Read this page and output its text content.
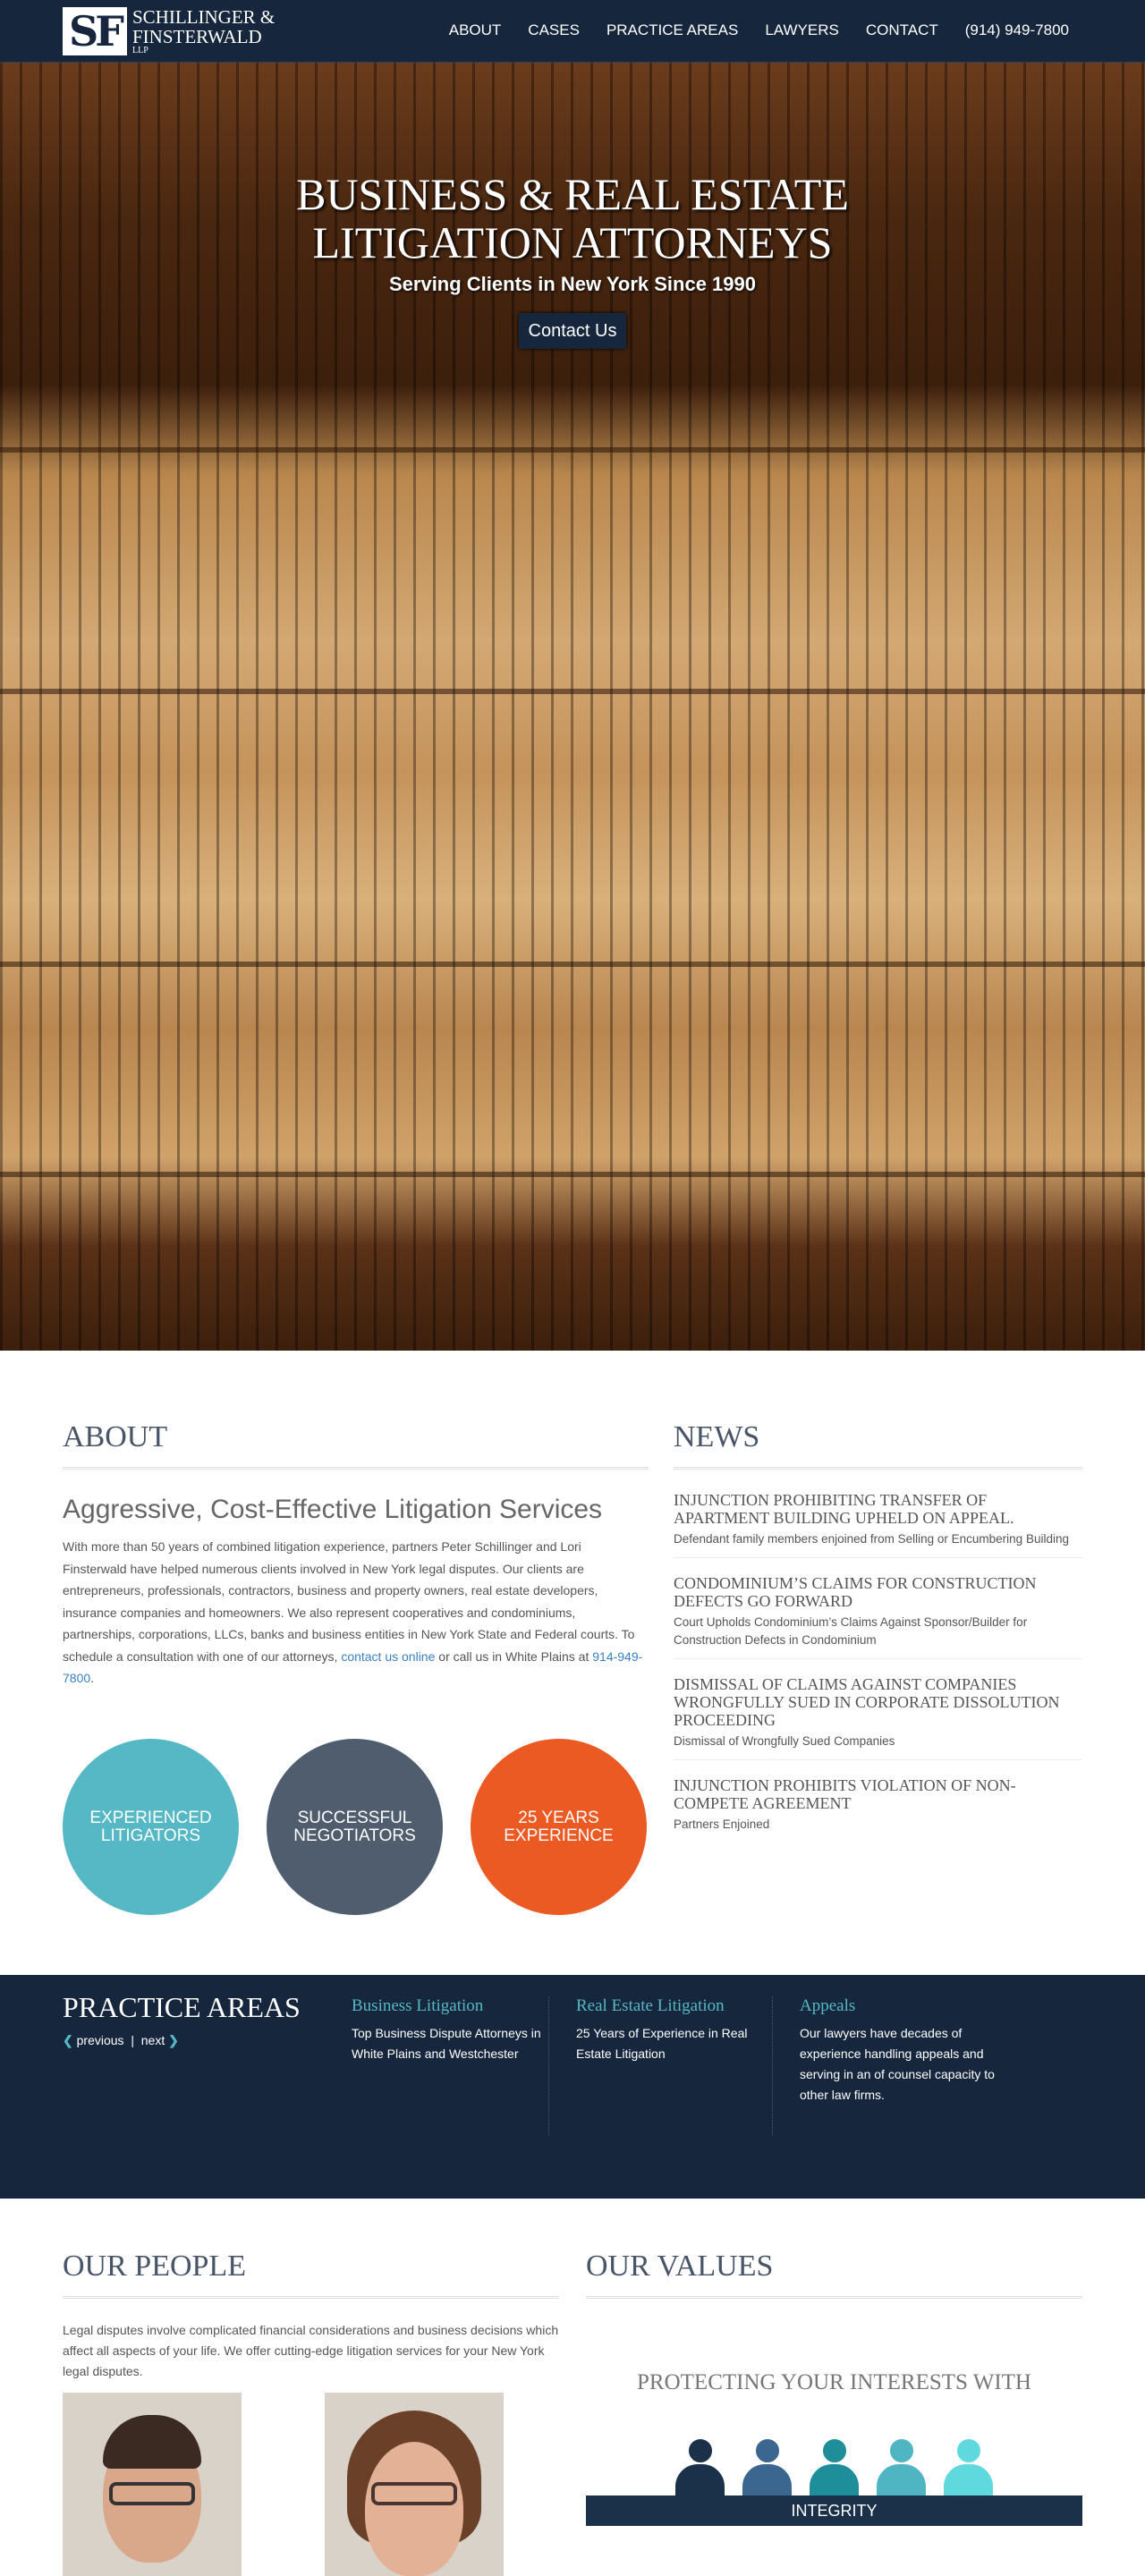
SF SCHILLINGER &
FINSTERWALD
LLP
ABOUT CASES PRACTICE AREAS LAWYERS CONTACT (914) 949-7800
BUSINESS & REAL ESTATE
LITIGATION ATTORNEYS
Serving Clients in New York Since 1990
Contact Us
ABOUT
Aggressive, Cost-Effective Litigation Services

With more than 50 years of combined litigation experience, partners Peter Schillinger and Lori Finsterwald have helped numerous clients involved in New York legal disputes. Our clients are entrepreneurs, professionals, contractors, business and property owners, real estate developers, insurance companies and homeowners. We also represent cooperatives and condominiums, partnerships, corporations, LLCs, banks and business entities in New York State and Federal courts. To schedule a consultation with one of our attorneys, contact us online or call us in White Plains at 914-949-7800.

EXPERIENCED LITIGATORS
SUCCESSFUL NEGOTIATORS
25 YEARS EXPERIENCE
NEWS
INJUNCTION PROHIBITING TRANSFER OF APARTMENT BUILDING UPHELD ON APPEAL.
Defendant family members enjoined from Selling or Encumbering Building
CONDOMINIUM’S CLAIMS FOR CONSTRUCTION DEFECTS GO FORWARD
Court Upholds Condominium’s Claims Against Sponsor/Builder for Construction Defects in Condominium
DISMISSAL OF CLAIMS AGAINST COMPANIES WRONGFULLY SUED IN CORPORATE DISSOLUTION PROCEEDING
Dismissal of Wrongfully Sued Companies
INJUNCTION PROHIBITS VIOLATION OF NON-COMPETE AGREEMENT
Partners Enjoined
PRACTICE AREAS
❮ previous | next ❯
Business Litigation

Top Business Dispute Attorneys in White Plains and Westchester

Real Estate Litigation

25 Years of Experience in Real Estate Litigation

Appeals

Our lawyers have decades of experience handling appeals and serving in an of counsel capacity to other law firms.

OUR PEOPLE

Legal disputes involve complicated financial considerations and business decisions which affect all aspects of your life. We offer cutting-edge litigation services for your New York legal disputes.

OUR VALUES
PROTECTING YOUR INTERESTS WITH
INTEGRITY
